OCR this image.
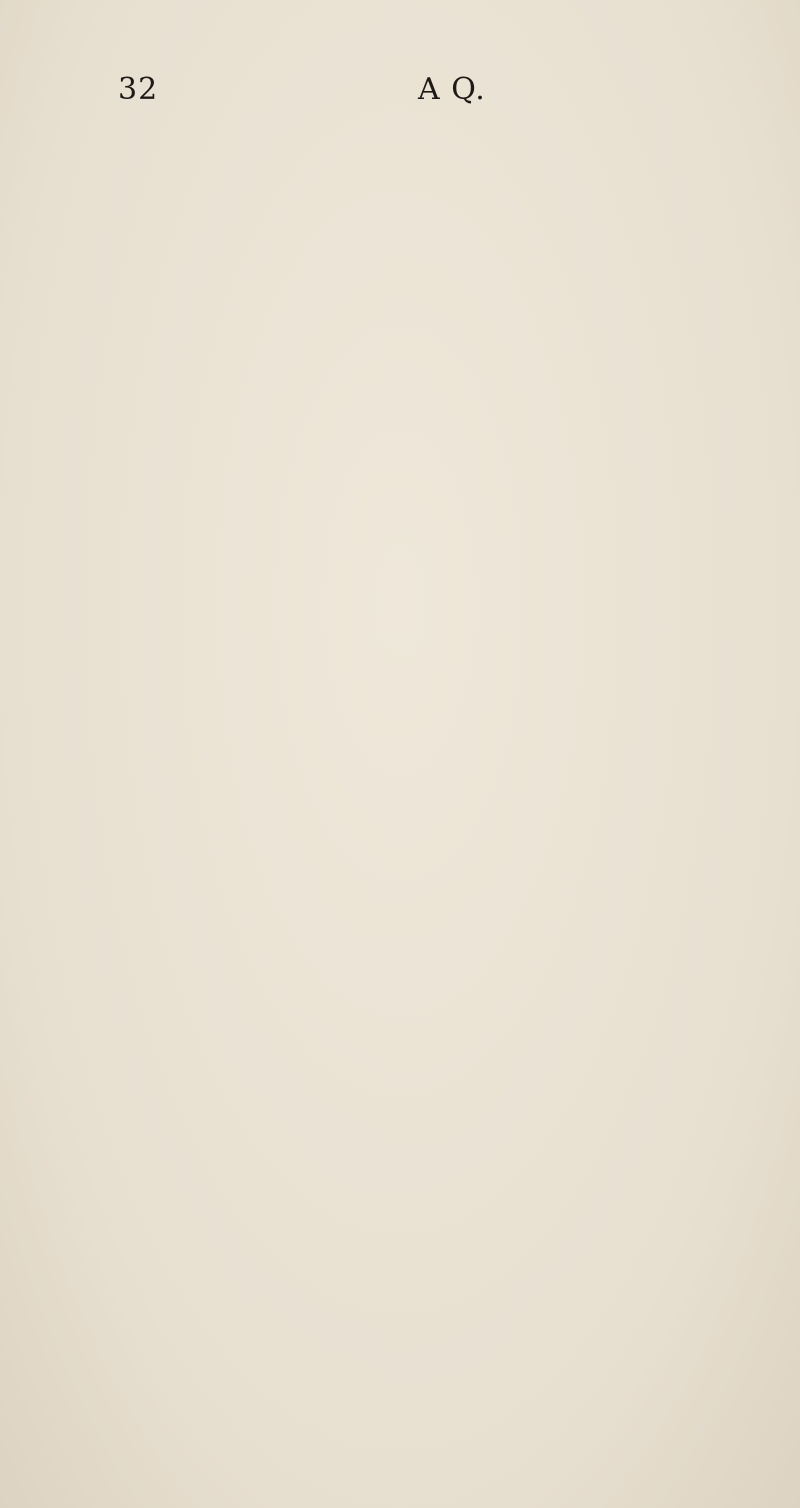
32	A Q.
